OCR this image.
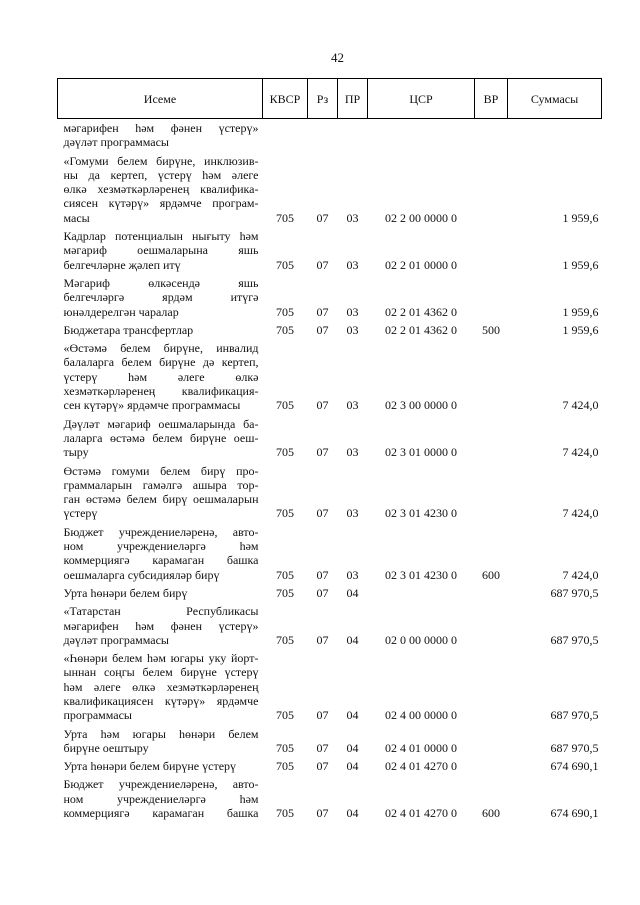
42
Исеме	КВСР	Рз	ПР	ЦСР	ВР	Суммасы

мәгарифен һәм фәнен үстерү»
дәүләт программасы						

«Гомуми белем бирүне, инклюзив-
ны да кертеп, үстерү һәм әлеге
өлкә хезмәткәрләренең квалифика-
сиясен күтәрү» ярдәмче програм-
масы	705	07	03	02 2 00 0000 0		1 959,6

Кадрлар потенциалын нығыту һәм
мәгариф оешмаларына яшь
белгечләрне җәлеп итү	705	07	03	02 2 01 0000 0		1 959,6

Мәгариф өлкәсендә яшь
белгечләргә ярдәм итүгә
юнәлдерелгән чаралар	705	07	03	02 2 01 4362 0		1 959,6

Бюджетара трансфертлар	705	07	03	02 2 01 4362 0	500	1 959,6

«Өстәмә белем бирүне, инвалид
балаларга белем бирүне дә кертеп,
үстерү һәм әлеге өлкә
хезмәткәрләренең квалификация-
сен күтәрү» ярдәмче программасы	705	07	03	02 3 00 0000 0		7 424,0

Дәүләт мәгариф оешмаларында ба-
лаларга өстәмә белем бирүне оеш-
тыру	705	07	03	02 3 01 0000 0		7 424,0

Өстәмә гомуми белем бирү про-
граммаларын гамәлгә ашыра тор-
ган өстәмә белем бирү оешмаларын
үстерү	705	07	03	02 3 01 4230 0		7 424,0

Бюджет учреждениеләренә, авто-
ном учреждениеләргә һәм
коммерциягә карамаган башка
оешмаларга субсидияләр бирү	705	07	03	02 3 01 4230 0	600	7 424,0

Урта һөнәри белем бирү	705	07	04			687 970,5

«Татарстан Республикасы
мәгарифен һәм фәнен үстерү»
дәүләт программасы	705	07	04	02 0 00 0000 0		687 970,5

«Һөнәри белем һәм югары уку йорт-
ыннан соңгы белем бирүне үстерү
һәм әлеге өлкә хезмәткәрләренең
квалификациясен күтәрү» ярдәмче
программасы	705	07	04	02 4 00 0000 0		687 970,5

Урта һәм югары һөнәри белем
бирүне оештыру	705	07	04	02 4 01 0000 0		687 970,5

Урта һөнәри белем бирүне үстерү	705	07	04	02 4 01 4270 0		674 690,1

Бюджет учреждениеләренә, авто-
ном учреждениеләргә һәм
коммерциягә карамаган башка	705	07	04	02 4 01 4270 0	600	674 690,1
